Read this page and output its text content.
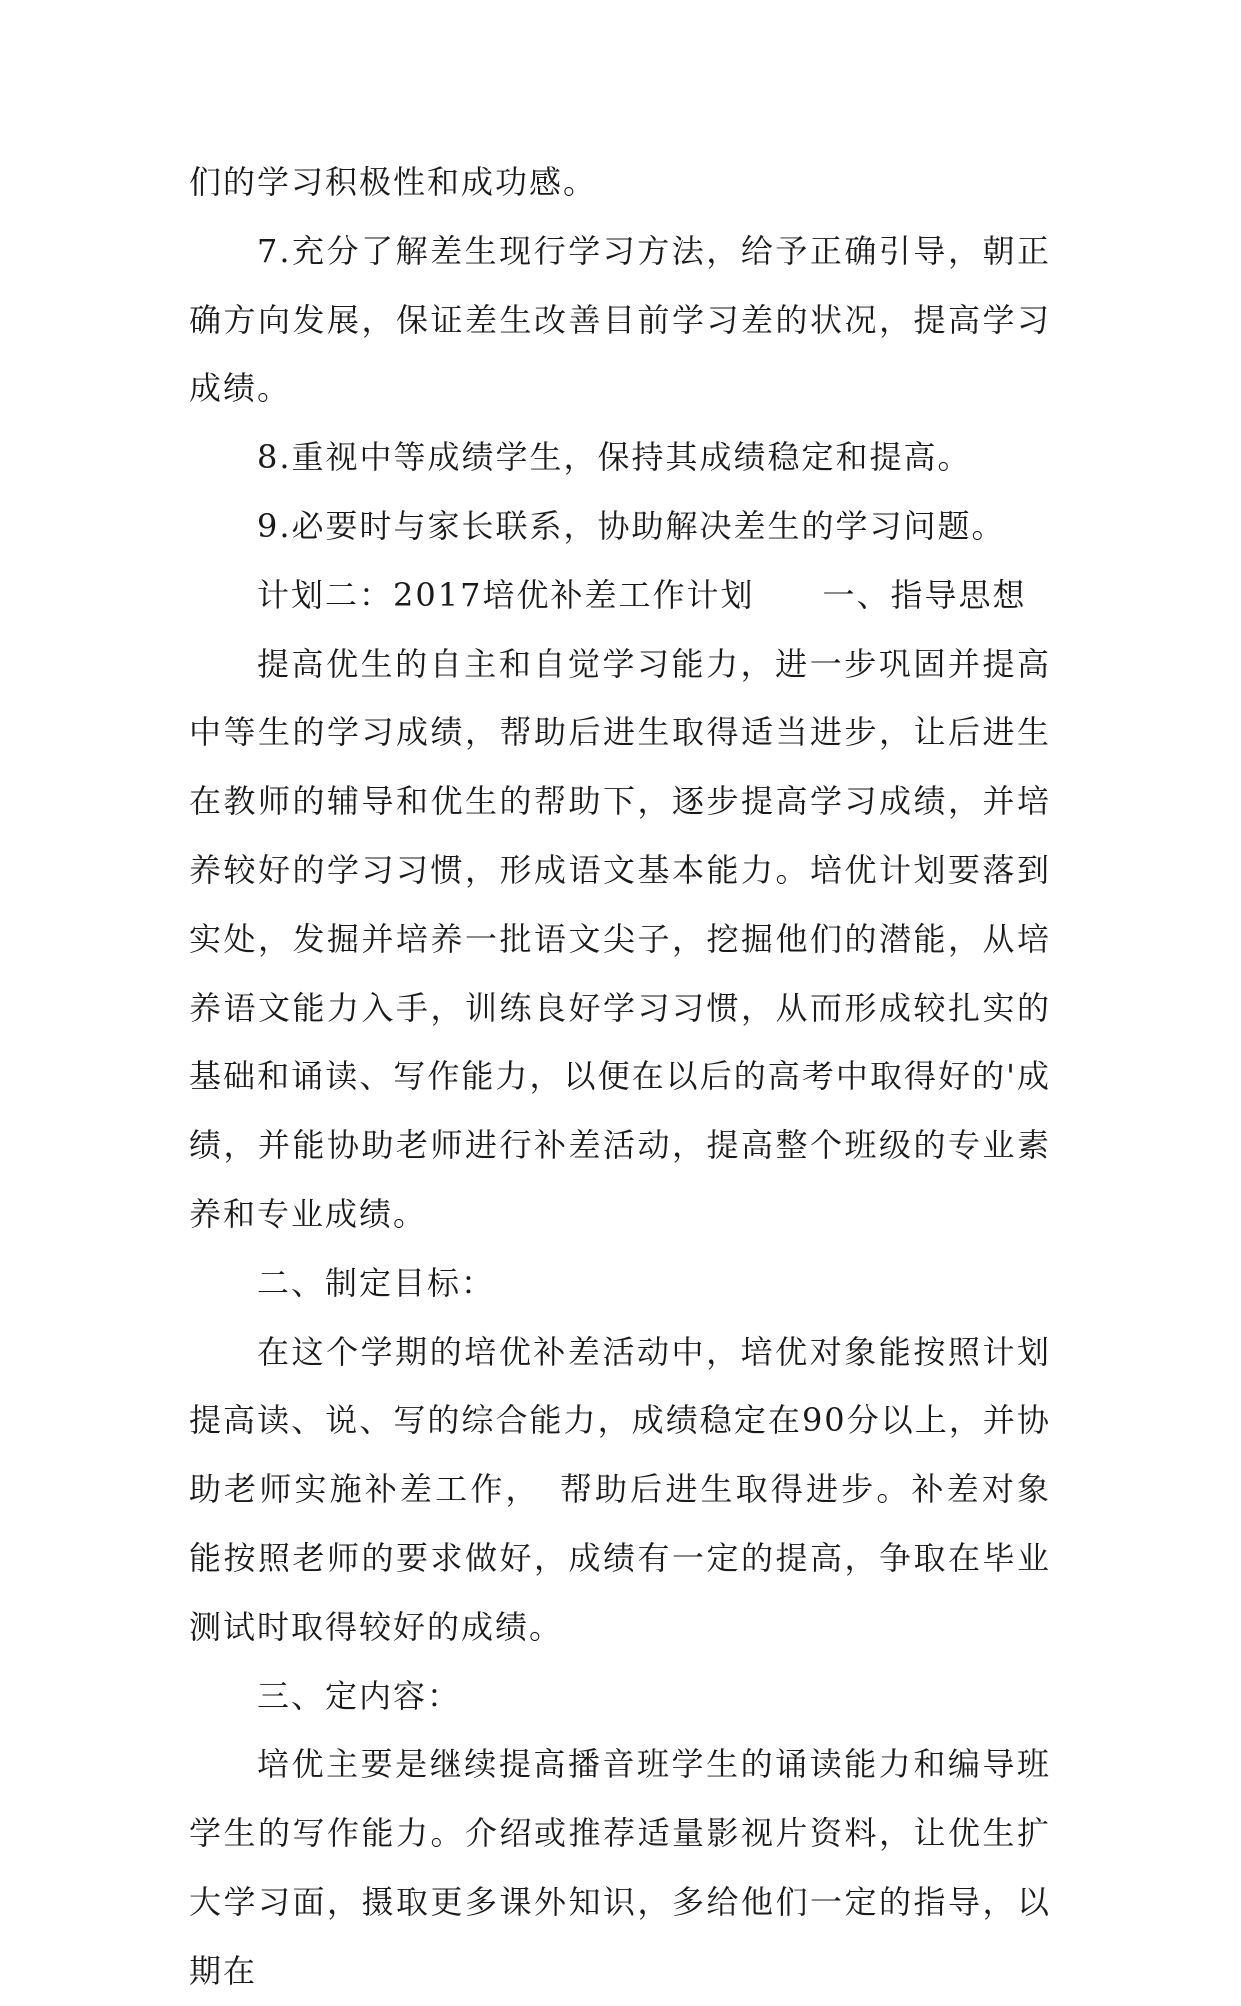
们的学习积极性和成功感。

7.充分了解差生现行学习方法，给予正确引导，朝正确方向发展，保证差生改善目前学习差的状况，提高学习成绩。

8.重视中等成绩学生，保持其成绩稳定和提高。

9.必要时与家长联系，协助解决差生的学习问题。

计划二：2017培优补差工作计划　　一、指导思想

提高优生的自主和自觉学习能力，进一步巩固并提高中等生的学习成绩，帮助后进生取得适当进步，让后进生在教师的辅导和优生的帮助下，逐步提高学习成绩，并培养较好的学习习惯，形成语文基本能力。培优计划要落到实处，发掘并培养一批语文尖子，挖掘他们的潜能，从培养语文能力入手，训练良好学习习惯，从而形成较扎实的基础和诵读、写作能力，以便在以后的高考中取得好的'成绩，并能协助老师进行补差活动，提高整个班级的专业素养和专业成绩。

二、制定目标：

在这个学期的培优补差活动中，培优对象能按照计划提高读、说、写的综合能力，成绩稳定在90分以上，并协助老师实施补差工作，　帮助后进生取得进步。补差对象能按照老师的要求做好，成绩有一定的提高，争取在毕业测试时取得较好的成绩。

三、定内容：

培优主要是继续提高播音班学生的诵读能力和编导班学生的写作能力。介绍或推荐适量影视片资料，让优生扩大学习面，摄取更多课外知识，多给他们一定的指导，以期在
